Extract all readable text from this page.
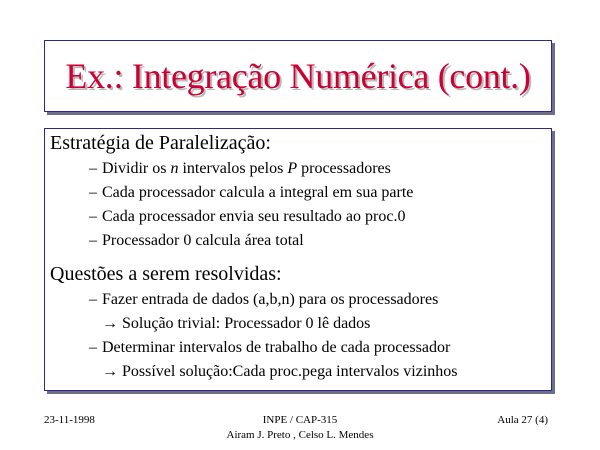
Ex.: Integração Numérica (cont.)
Estratégia de Paralelização:
– Dividir os n intervalos pelos P processadores
– Cada processador calcula a integral em sua parte
– Cada processador envia seu resultado ao proc.0
– Processador 0 calcula área total
Questões a serem resolvidas:
– Fazer entrada de dados (a,b,n) para os processadores
→ Solução trivial: Processador 0 lê dados
– Determinar intervalos de trabalho de cada processador
→ Possível solução:Cada proc.pega intervalos vizinhos
23-11-1998	INPE / CAP-315
Airam J. Preto , Celso L. Mendes
Aula 27 (4)
